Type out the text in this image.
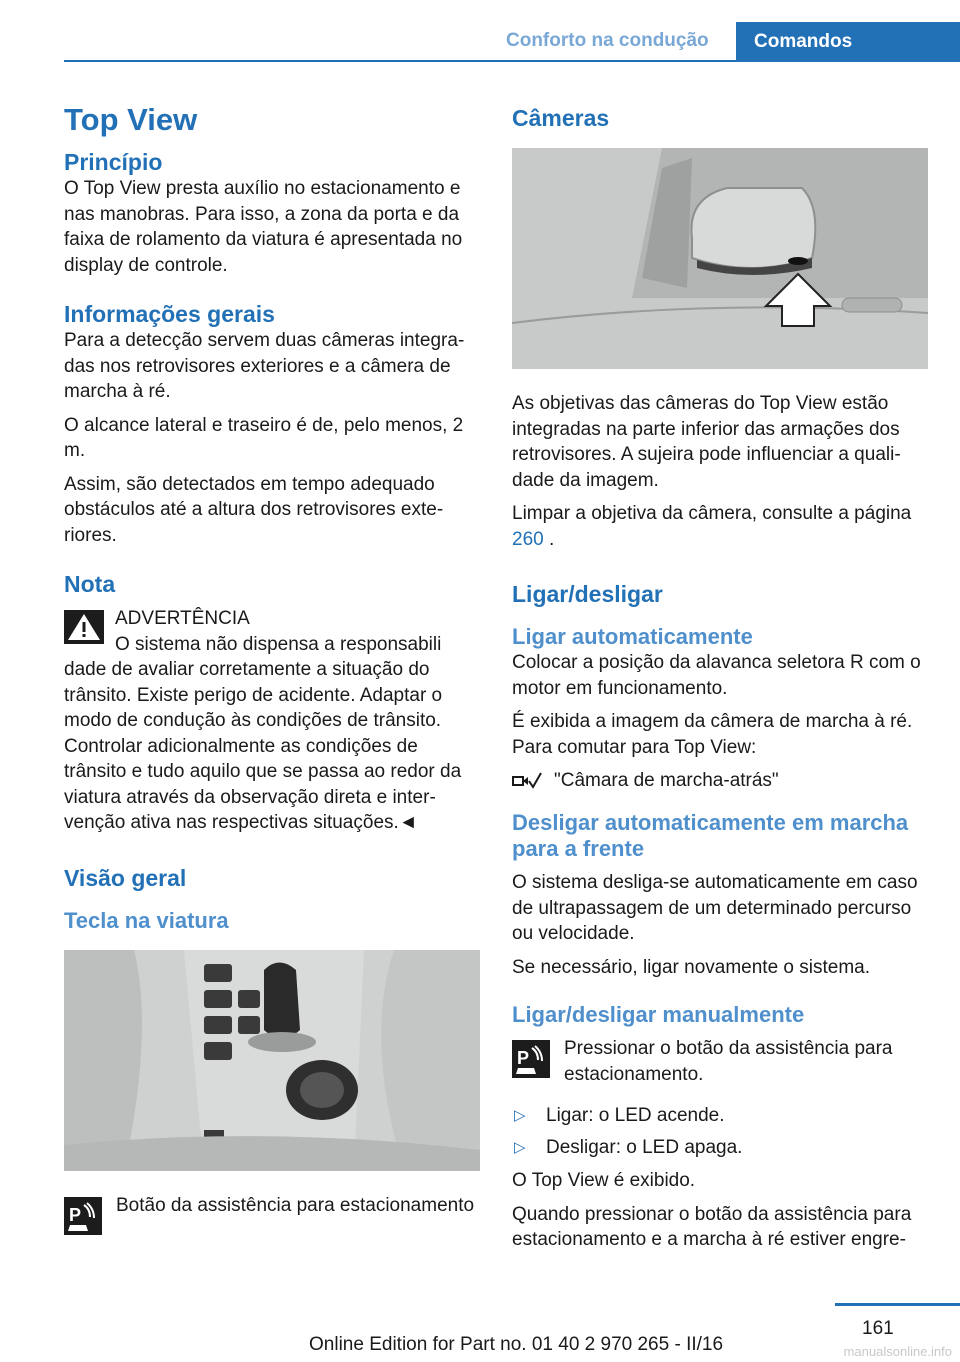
Conforto na condução	Comandos
Top View
Princípio

O Top View presta auxílio no estacionamento e nas manobras. Para isso, a zona da porta e da faixa de rolamento da viatura é apresentada no display de controle.

Informações gerais

Para a detecção servem duas câmeras integradas nos retrovisores exteriores e a câmera de marcha à ré.

O alcance lateral e traseiro é de, pelo menos, 2 m.

Assim, são detectados em tempo adequado obstáculos até a altura dos retrovisores exteriores.

Nota

ADVERTÊNCIA

O sistema não dispensa a responsabili

dade de avaliar corretamente a situação do trânsito. Existe perigo de acidente. Adaptar o modo de condução às condições de trânsito. Controlar adicionalmente as condições de trânsito e tudo aquilo que se passa ao redor da viatura através da observação direta e intervenção ativa nas respectivas situações.◄

Visão geral
Tecla na viatura
P	Botão da assistência para estacionamento

Câmeras

As objetivas das câmeras do Top View estão integradas na parte inferior das armações dos retrovisores. A sujeira pode influenciar a qualidade da imagem.

Limpar a objetiva da câmera, consulte a página 260 .

Ligar/desligar
Ligar automaticamente

Colocar a posição da alavanca seletora R com o motor em funcionamento.

É exibida a imagem da câmera de marcha à ré. Para comutar para Top View:

"Câmara de marcha-atrás"

Desligar automaticamente em marcha para a frente

O sistema desliga-se automaticamente em caso de ultrapassagem de um determinado percurso ou velocidade.

Se necessário, ligar novamente o sistema.

Ligar/desligar manualmente
P	Pressionar o botão da assistência para estacionamento.

▷ Ligar: o LED acende.
▷ Desligar: o LED apaga.

O Top View é exibido.

Quando pressionar o botão da assistência para estacionamento e a marcha à ré estiver engre-

161
Online Edition for Part no. 01 40 2 970 265 - II/16	manualsonline.info
